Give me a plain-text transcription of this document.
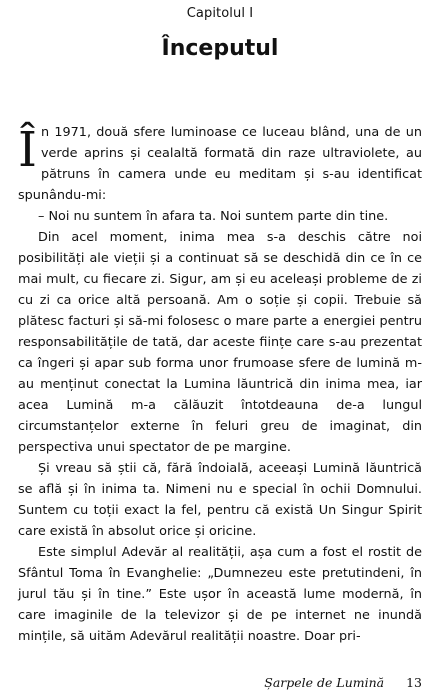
Capitolul I
Începutul

În 1971, două sfere luminoase ce luceau blând, una de un verde aprins și cealaltă formată din raze ultraviolete, au pătruns în camera unde eu meditam și s-au identificat spunându-mi:

– Noi nu suntem în afara ta. Noi suntem parte din tine.

Din acel moment, inima mea s-a deschis către noi posibilități ale vieții și a continuat să se deschidă din ce în ce mai mult, cu fiecare zi. Sigur, am și eu aceleași probleme de zi cu zi ca orice altă persoană. Am o soție și copii. Trebuie să plătesc facturi și să-mi folosesc o mare parte a energiei pentru responsabilitățile de tată, dar aceste ființe care s-au prezentat ca îngeri și apar sub forma unor frumoase sfere de lumină m-au menținut conectat la Lumina lăuntrică din inima mea, iar acea Lumină m-a călăuzit întotdeauna de-a lungul circumstanțelor externe în feluri greu de imaginat, din perspectiva unui spectator de pe margine.

Și vreau să știi că, fără îndoială, aceeași Lumină lăuntrică se află și în inima ta. Nimeni nu e special în ochii Domnului. Suntem cu toții exact la fel, pentru că există Un Singur Spirit care există în absolut orice și oricine.

Este simplul Adevăr al realității, așa cum a fost el rostit de Sfântul Toma în Evanghelie: „Dumnezeu este pretutindeni, în jurul tău și în tine.” Este ușor în această lume modernă, în care imaginile de la televizor și de pe internet ne inundă mințile, să uităm Adevărul realității noastre. Doar pri-

Șarpele de Lumină 13
